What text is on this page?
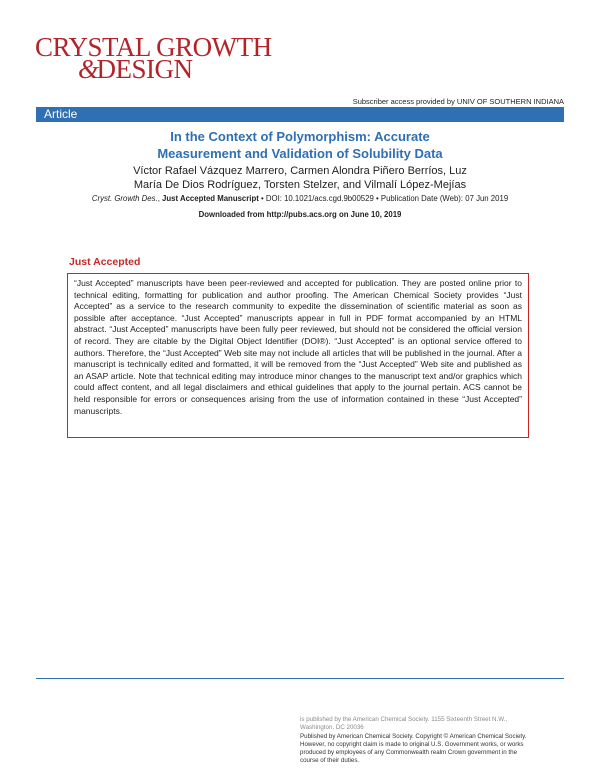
CRYSTAL GROWTH
&DESIGN
Subscriber access provided by UNIV OF SOUTHERN INDIANA
Article
In the Context of Polymorphism: Accurate
Measurement and Validation of Solubility Data
Víctor Rafael Vázquez Marrero, Carmen Alondra Piñero Berríos, Luz
María De Dios Rodríguez, Torsten Stelzer, and Vilmalí López-Mejías
Cryst. Growth Des., Just Accepted Manuscript • DOI: 10.1021/acs.cgd.9b00529 • Publication Date (Web): 07 Jun 2019
Downloaded from http://pubs.acs.org on June 10, 2019
Just Accepted
“Just Accepted” manuscripts have been peer-reviewed and accepted for publication. They are posted online prior to technical editing, formatting for publication and author proofing. The American Chemical Society provides “Just Accepted” as a service to the research community to expedite the dissemination of scientific material as soon as possible after acceptance. “Just Accepted” manuscripts appear in full in PDF format accompanied by an HTML abstract. “Just Accepted” manuscripts have been fully peer reviewed, but should not be considered the official version of record. They are citable by the Digital Object Identifier (DOI®). “Just Accepted” is an optional service offered to authors. Therefore, the “Just Accepted” Web site may not include all articles that will be published in the journal. After a manuscript is technically edited and formatted, it will be removed from the “Just Accepted” Web site and published as an ASAP article. Note that technical editing may introduce minor changes to the manuscript text and/or graphics which could affect content, and all legal disclaimers and ethical guidelines that apply to the journal pertain. ACS cannot be held responsible for errors or consequences arising from the use of information contained in these “Just Accepted” manuscripts.
is published by the American Chemical Society. 1155 Sixteenth Street N.W., Washington, DC 20036
Published by American Chemical Society. Copyright © American Chemical Society. However, no copyright claim is made to original U.S. Government works, or works produced by employees of any Commonwealth realm Crown government in the course of their duties.
